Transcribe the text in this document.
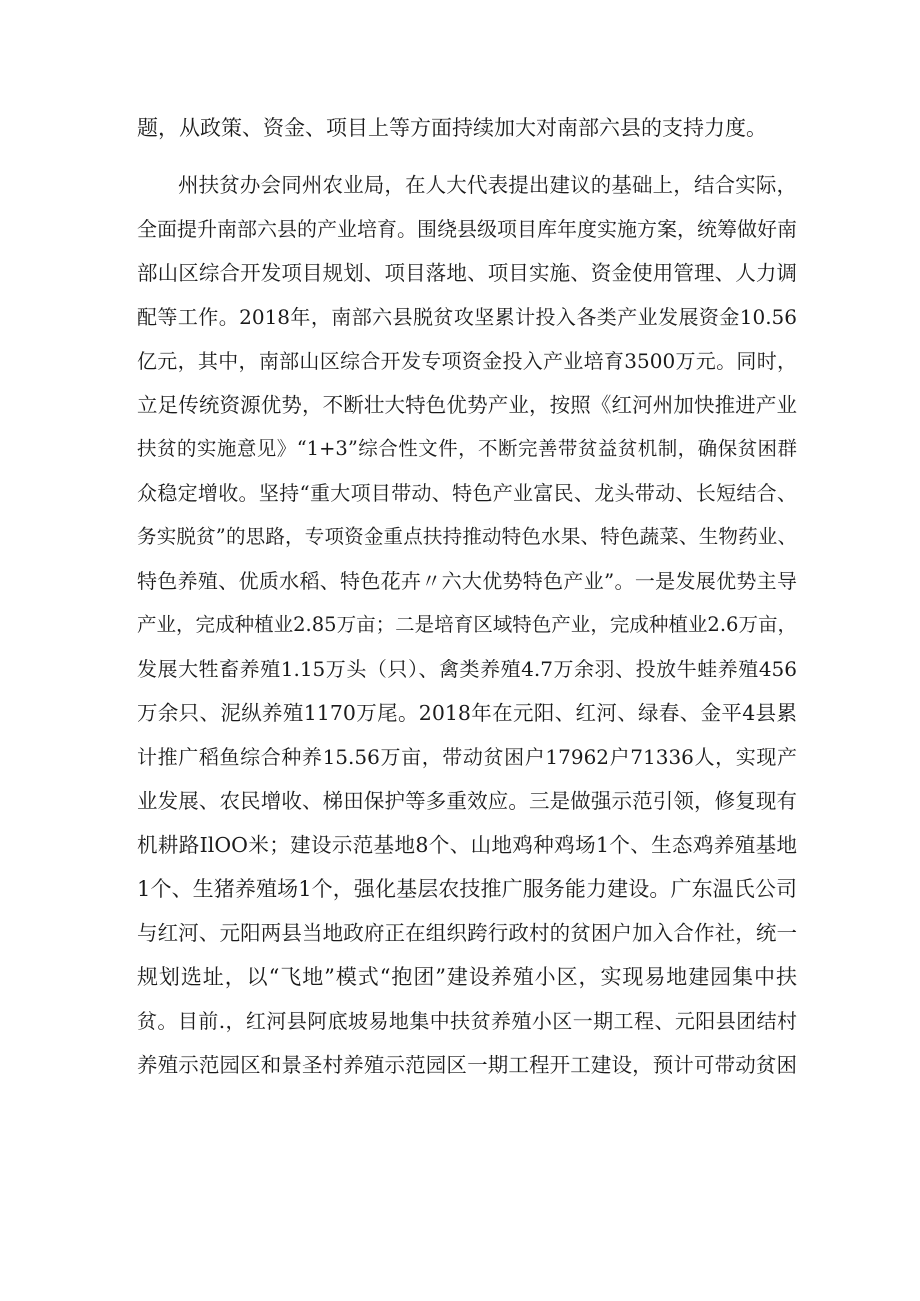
题，从政策、资金、项目上等方面持续加大对南部六县的支持力度。
州扶贫办会同州农业局，在人大代表提出建议的基础上，结合实际，
全面提升南部六县的产业培育。围绕县级项目库年度实施方案，统筹做好南
部山区综合开发项目规划、项目落地、项目实施、资金使用管理、人力调
配等工作。2018年，南部六县脱贫攻坚累计投入各类产业发展资金10.56
亿元，其中，南部山区综合开发专项资金投入产业培育3500万元。同时，
立足传统资源优势，不断壮大特色优势产业，按照《红河州加快推进产业
扶贫的实施意见》“1+3”综合性文件，不断完善带贫益贫机制，确保贫困群
众稳定增收。坚持“重大项目带动、特色产业富民、龙头带动、长短结合、
务实脱贫”的思路，专项资金重点扶持推动特色水果、特色蔬菜、生物药业、
特色养殖、优质水稻、特色花卉〃六大优势特色产业”。一是发展优势主导
产业，完成种植业2.85万亩；二是培育区域特色产业，完成种植业2.6万亩，
发展大牲畜养殖1.15万头（只）、禽类养殖4.7万余羽、投放牛蛙养殖456
万余只、泥纵养殖1170万尾。2018年在元阳、红河、绿春、金平4县累
计推广稻鱼综合种养15.56万亩，带动贫困户17962户71336人，实现产
业发展、农民增收、梯田保护等多重效应。三是做强示范引领，修复现有
机耕路IlOO米；建设示范基地8个、山地鸡种鸡场1个、生态鸡养殖基地
1个、生猪养殖场1个，强化基层农技推广服务能力建设。广东温氏公司
与红河、元阳两县当地政府正在组织跨行政村的贫困户加入合作社，统一
规划选址，以“飞地”模式“抱团”建设养殖小区，实现易地建园集中扶
贫。目前.，红河县阿底坡易地集中扶贫养殖小区一期工程、元阳县团结村
养殖示范园区和景圣村养殖示范园区一期工程开工建设，预计可带动贫困
